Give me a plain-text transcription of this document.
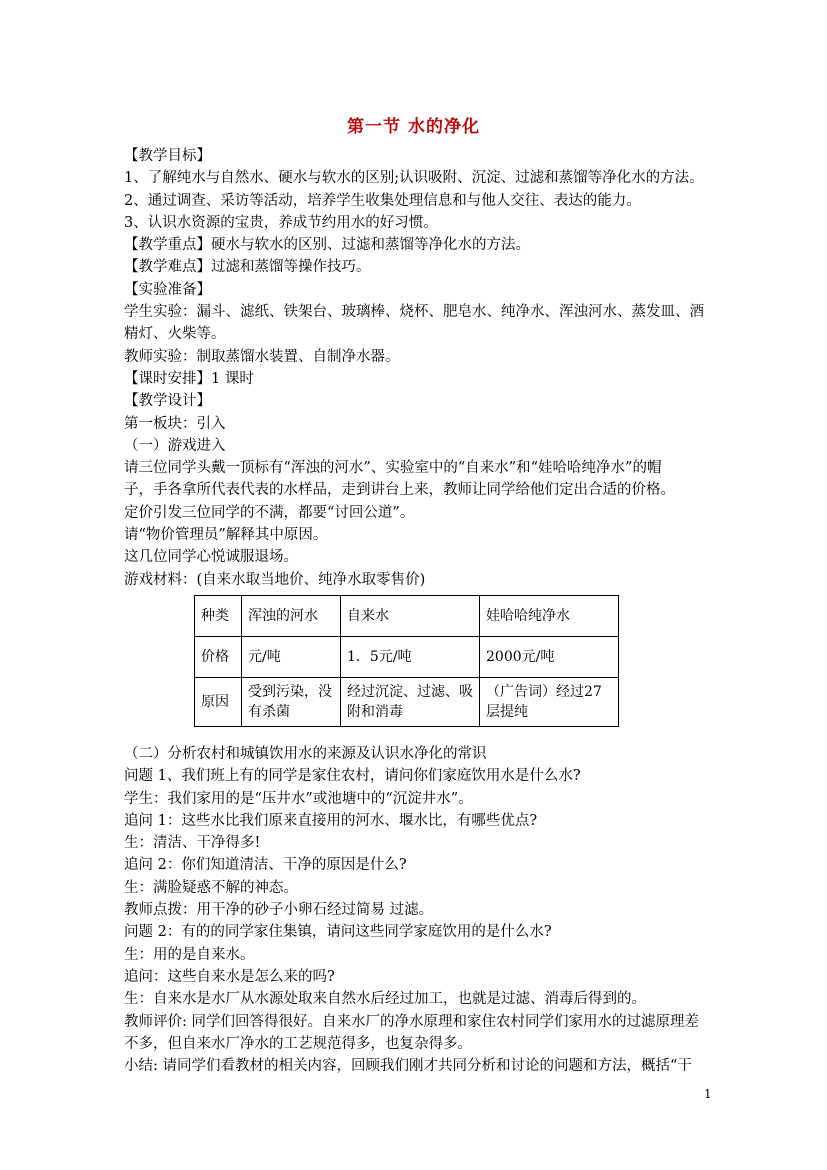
第一节 水的净化
【教学目标】
1、了解纯水与自然水、硬水与软水的区别;认识吸附、沉淀、过滤和蒸馏等净化水的方法。
2、通过调查、采访等活动，培养学生收集处理信息和与他人交往、表达的能力。
3、认识水资源的宝贵，养成节约用水的好习惯。
【教学重点】硬水与软水的区别、过滤和蒸馏等净化水的方法。
【教学难点】过滤和蒸馏等操作技巧。
【实验准备】
学生实验：漏斗、滤纸、铁架台、玻璃棒、烧杯、肥皂水、纯净水、浑浊河水、蒸发皿、酒
精灯、火柴等。
教师实验：制取蒸馏水装置、自制净水器。
【课时安排】1 课时
【教学设计】
第一板块：引入
（一）游戏进入
请三位同学头戴一顶标有“浑浊的河水”、实验室中的“自来水”和“娃哈哈纯净水”的帽
子，手各拿所代表代表的水样品，走到讲台上来，教师让同学给他们定出合适的价格。
定价引发三位同学的不满，都要“讨回公道”。
请“物价管理员”解释其中原因。
这几位同学心悦诚服退场。
游戏材料：(自来水取当地价、纯净水取零售价)
种类	浑浊的河水	自来水	娃哈哈纯净水
价格	元/吨	1．5元/吨	2000元/吨
原因	受到污染，没有杀菌	经过沉淀、过滤、吸附和消毒	（广告词）经过27层提纯
（二）分析农村和城镇饮用水的来源及认识水净化的常识
问题 1、我们班上有的同学是家住农村，请问你们家庭饮用水是什么水?
学生：我们家用的是“压井水”或池塘中的“沉淀井水”。
追问 1：这些水比我们原来直接用的河水、堰水比，有哪些优点?
生：清洁、干净得多!
追问 2：你们知道清洁、干净的原因是什么?
生：满脸疑惑不解的神态。
教师点拨：用干净的砂子小卵石经过简易 过滤。
问题 2：有的的同学家住集镇，请问这些同学家庭饮用的是什么水?
生：用的是自来水。
追问：这些自来水是怎么来的吗?
生：自来水是水厂从水源处取来自然水后经过加工，也就是过滤、消毒后得到的。
教师评价: 同学们回答得很好。自来水厂的净水原理和家住农村同学们家用水的过滤原理差
不多，但自来水厂净水的工艺规范得多，也复杂得多。
小结: 请同学们看教材的相关内容，回顾我们刚才共同分析和讨论的问题和方法，概括“干
1
